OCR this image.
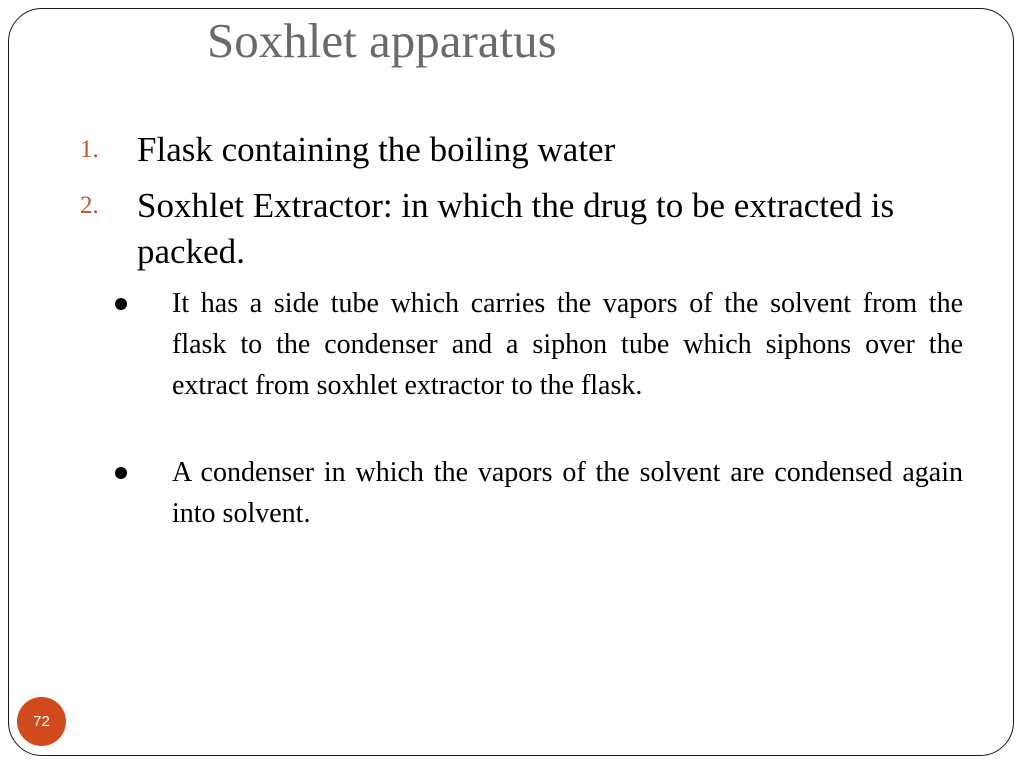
Soxhlet apparatus
1. Flask containing the boiling water
2. Soxhlet Extractor: in which the drug to be extracted is packed.
It has a side tube which carries the vapors of the solvent from the flask to the condenser and a siphon tube which siphons over the extract from soxhlet extractor to the flask.
A condenser in which the vapors of the solvent are condensed again into solvent.
72
